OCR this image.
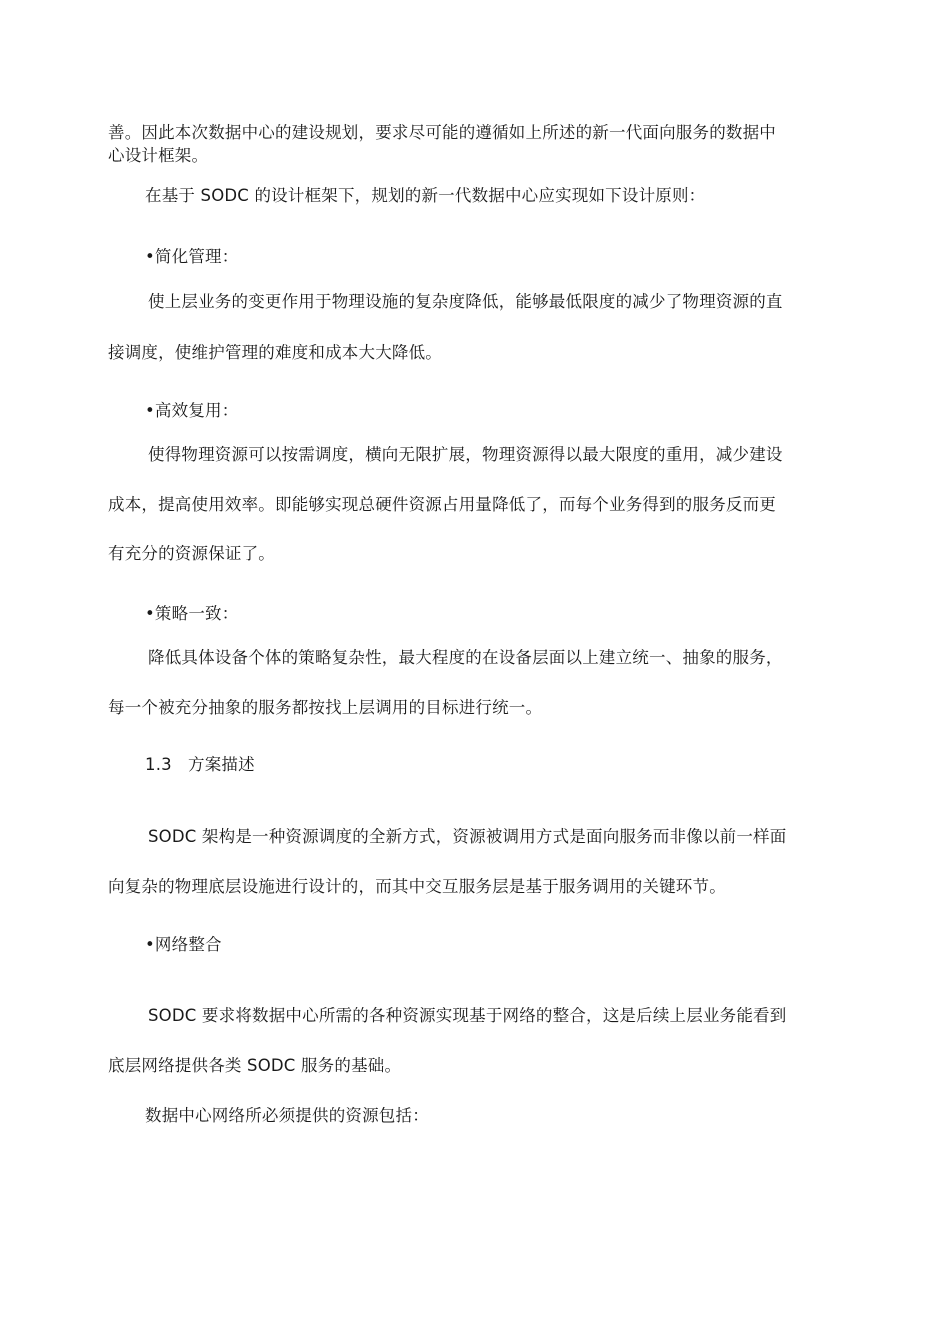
善。因此本次数据中心的建设规划，要求尽可能的遵循如上所述的新一代面向服务的数据中

心设计框架。

在基于 SODC 的设计框架下，规划的新一代数据中心应实现如下设计原则：

•简化管理：

使上层业务的变更作用于物理设施的复杂度降低，能够最低限度的减少了物理资源的直

接调度，使维护管理的难度和成本大大降低。

•高效复用：

使得物理资源可以按需调度，横向无限扩展，物理资源得以最大限度的重用，减少建设

成本，提高使用效率。即能够实现总硬件资源占用量降低了，而每个业务得到的服务反而更

有充分的资源保证了。

•策略一致：

降低具体设备个体的策略复杂性，最大程度的在设备层面以上建立统一、抽象的服务，

每一个被充分抽象的服务都按找上层调用的目标进行统一。

1.3 方案描述

SODC 架构是一种资源调度的全新方式，资源被调用方式是面向服务而非像以前一样面

向复杂的物理底层设施进行设计的，而其中交互服务层是基于服务调用的关键环节。

•网络整合

SODC 要求将数据中心所需的各种资源实现基于网络的整合，这是后续上层业务能看到

底层网络提供各类 SODC 服务的基础。

数据中心网络所必须提供的资源包括：
